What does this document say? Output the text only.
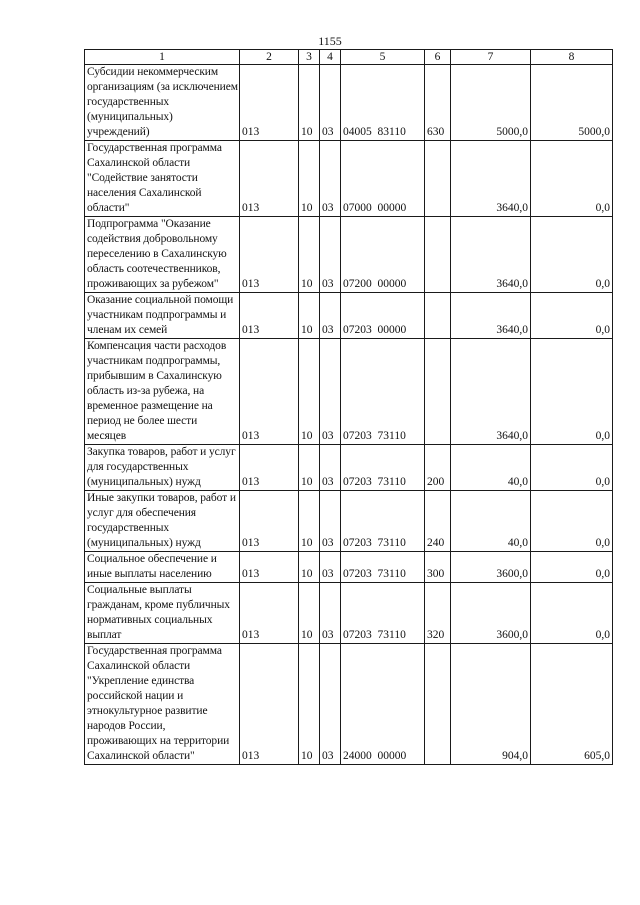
1155
1	2	3	4	5	6	7	8
Субсидии некоммерческим организациям (за исключением государственных (муниципальных) учреждений)	013	10	03	04005  83110	630	5000,0	5000,0
Государственная программа Сахалинской области "Содействие занятости населения Сахалинской области"	013	10	03	07000  00000		3640,0	0,0
Подпрограмма "Оказание содействия добровольному переселению в Сахалинскую область соотечественников, проживающих за рубежом"	013	10	03	07200  00000		3640,0	0,0
Оказание социальной помощи участникам подпрограммы и членам их семей	013	10	03	07203  00000		3640,0	0,0
Компенсация части расходов участникам подпрограммы, прибывшим в Сахалинскую область из-за рубежа, на временное размещение на период не более шести месяцев	013	10	03	07203  73110		3640,0	0,0
Закупка товаров, работ и услуг для государственных (муниципальных) нужд	013	10	03	07203  73110	200	40,0	0,0
Иные закупки товаров, работ и услуг для обеспечения государственных (муниципальных) нужд	013	10	03	07203  73110	240	40,0	0,0
Социальное обеспечение и иные выплаты населению	013	10	03	07203  73110	300	3600,0	0,0
Социальные выплаты гражданам, кроме публичных нормативных социальных выплат	013	10	03	07203  73110	320	3600,0	0,0
Государственная программа Сахалинской области "Укрепление единства российской нации и этнокультурное развитие народов России, проживающих на территории Сахалинской области"	013	10	03	24000  00000		904,0	605,0
